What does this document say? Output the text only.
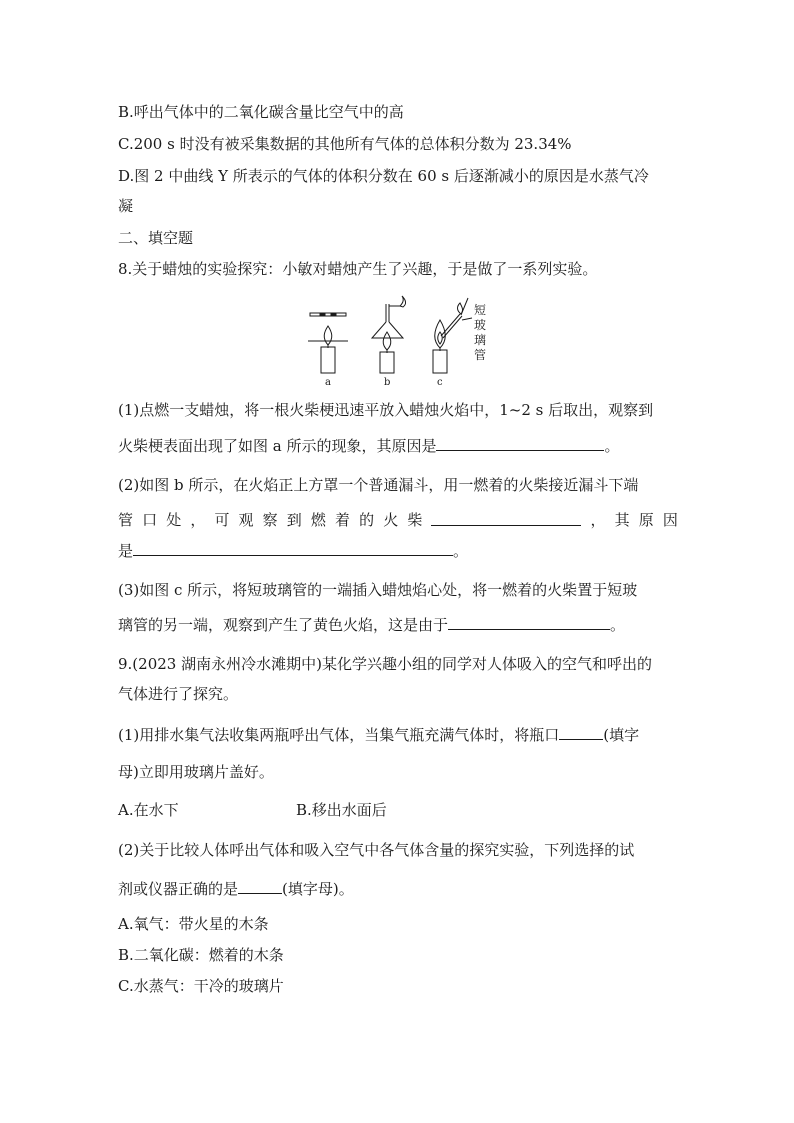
B.呼出气体中的二氧化碳含量比空气中的高
C.200 s 时没有被采集数据的其他所有气体的总体积分数为 23.34%
D.图 2 中曲线 Y 所表示的气体的体积分数在 60 s 后逐渐减小的原因是水蒸气冷
凝
二、填空题
8.关于蜡烛的实验探究：小敏对蜡烛产生了兴趣，于是做了一系列实验。
a	b	c
短
玻
璃
管
(1)点燃一支蜡烛，将一根火柴梗迅速平放入蜡烛火焰中，1~2 s 后取出，观察到
火柴梗表面出现了如图 a 所示的现象，其原因是	。
(2)如图 b 所示，在火焰正上方罩一个普通漏斗，用一燃着的火柴接近漏斗下端
管 口 处 ， 可 观 察 到 燃 着 的 火 柴	， 其 原 因
是	。
(3)如图 c 所示，将短玻璃管的一端插入蜡烛焰心处，将一燃着的火柴置于短玻
璃管的另一端，观察到产生了黄色火焰，这是由于	。
9.(2023 湖南永州冷水滩期中)某化学兴趣小组的同学对人体吸入的空气和呼出的
气体进行了探究。
(1)用排水集气法收集两瓶呼出气体，当集气瓶充满气体时，将瓶口	(填字
母)立即用玻璃片盖好。
A.在水下	B.移出水面后
(2)关于比较人体呼出气体和吸入空气中各气体含量的探究实验，下列选择的试
剂或仪器正确的是	(填字母)。
A.氧气：带火星的木条
B.二氧化碳：燃着的木条
C.水蒸气：干冷的玻璃片
